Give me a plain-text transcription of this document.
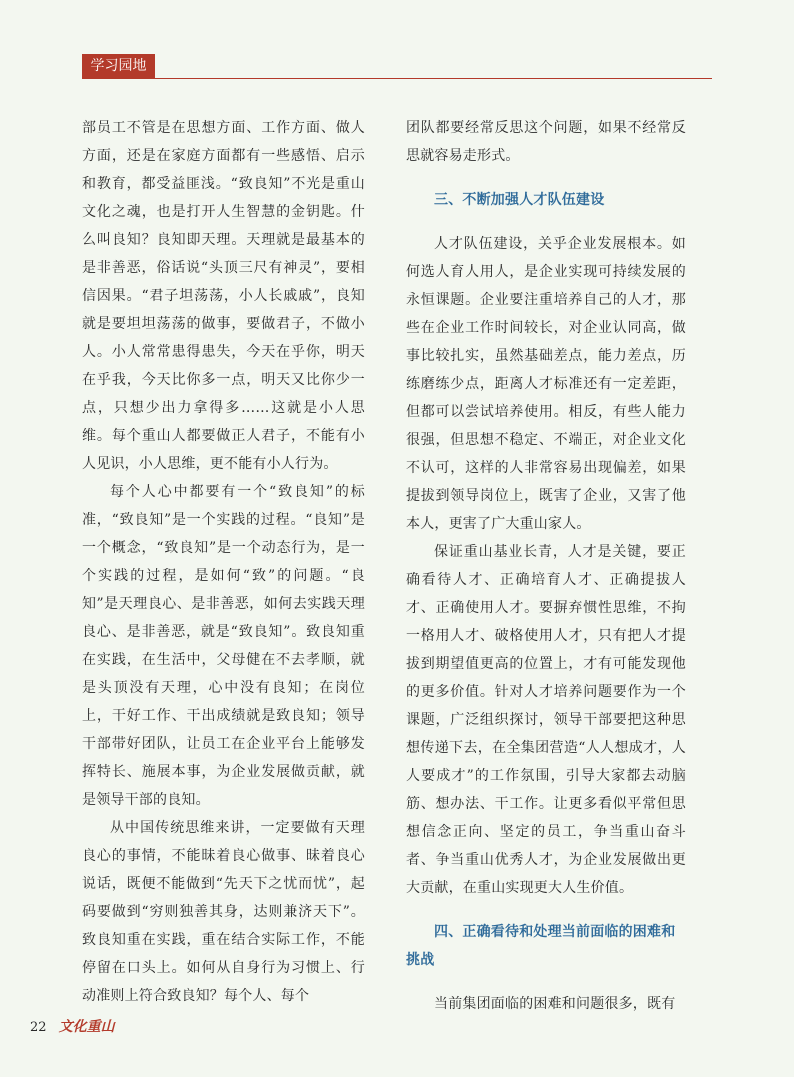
学习园地

部员工不管是在思想方面、工作方面、做人方面，还是在家庭方面都有一些感悟、启示和教育，都受益匪浅。“致良知”不光是重山文化之魂，也是打开人生智慧的金钥匙。什么叫良知？良知即天理。天理就是最基本的是非善恶，俗话说“头顶三尺有神灵”，要相信因果。“君子坦荡荡，小人长戚戚”，良知就是要坦坦荡荡的做事，要做君子，不做小人。小人常常患得患失，今天在乎你，明天在乎我，今天比你多一点，明天又比你少一点，只想少出力拿得多……这就是小人思维。每个重山人都要做正人君子，不能有小人见识，小人思维，更不能有小人行为。

每个人心中都要有一个“致良知”的标准，“致良知”是一个实践的过程。“良知”是一个概念，“致良知”是一个动态行为，是一个实践的过程，是如何“致”的问题。“良知”是天理良心、是非善恶，如何去实践天理良心、是非善恶，就是“致良知”。致良知重在实践，在生活中，父母健在不去孝顺，就是头顶没有天理，心中没有良知；在岗位上，干好工作、干出成绩就是致良知；领导干部带好团队，让员工在企业平台上能够发挥特长、施展本事，为企业发展做贡献，就是领导干部的良知。

从中国传统思维来讲，一定要做有天理良心的事情，不能昧着良心做事、昧着良心说话，既便不能做到“先天下之忧而忧”，起码要做到“穷则独善其身，达则兼济天下”。致良知重在实践，重在结合实际工作，不能停留在口头上。如何从自身行为习惯上、行动准则上符合致良知？每个人、每个

团队都要经常反思这个问题，如果不经常反思就容易走形式。

三、不断加强人才队伍建设

人才队伍建设，关乎企业发展根本。如何选人育人用人，是企业实现可持续发展的永恒课题。企业要注重培养自己的人才，那些在企业工作时间较长，对企业认同高，做事比较扎实，虽然基础差点，能力差点，历练磨练少点，距离人才标准还有一定差距，但都可以尝试培养使用。相反，有些人能力很强，但思想不稳定、不端正，对企业文化不认可，这样的人非常容易出现偏差，如果提拔到领导岗位上，既害了企业，又害了他本人，更害了广大重山家人。

保证重山基业长青，人才是关键，要正确看待人才、正确培育人才、正确提拔人才、正确使用人才。要摒弃惯性思维，不拘一格用人才、破格使用人才，只有把人才提拔到期望值更高的位置上，才有可能发现他的更多价值。针对人才培养问题要作为一个课题，广泛组织探讨，领导干部要把这种思想传递下去，在全集团营造“人人想成才，人人要成才”的工作氛围，引导大家都去动脑筋、想办法、干工作。让更多看似平常但思想信念正向、坚定的员工，争当重山奋斗者、争当重山优秀人才，为企业发展做出更大贡献，在重山实现更大人生价值。

四、正确看待和处理当前面临的困难和挑战

当前集团面临的困难和问题很多，既有

22 文化重山
